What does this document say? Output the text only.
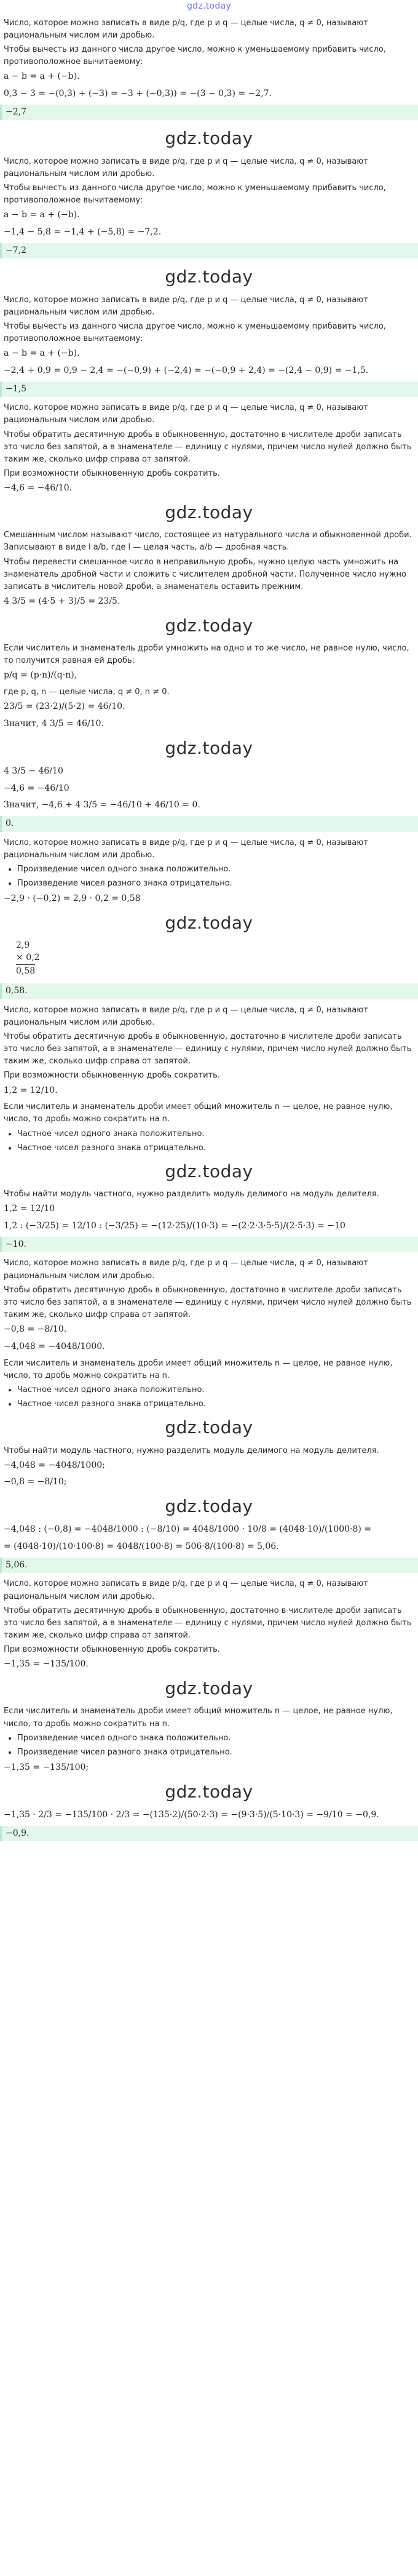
gdz.today
Число, которое можно записать в виде p/q, где p и q — целые числа, q ≠ 0, называют рациональным числом или дробью.
Чтобы вычесть из данного числа другое число, можно к уменьшаемому прибавить число, противоположное вычитаемому:
a − b = a + (−b).
0,3 − 3 = −(0,3) + (−3) = −3 + (−0,3)) = −(3 − 0,3) = −2,7.
−2,7
gdz.today
Число, которое можно записать в виде p/q, где p и q — целые числа, q ≠ 0, называют рациональным числом или дробью.
Чтобы вычесть из данного числа другое число, можно к уменьшаемому прибавить число, противоположное вычитаемому:
a − b = a + (−b).
−1,4 − 5,8 = −1,4 + (−5,8) = −7,2.
−7,2
gdz.today
Число, которое можно записать в виде p/q, где p и q — целые числа, q ≠ 0, называют рациональным числом или дробью.
Чтобы вычесть из данного числа другое число, можно к уменьшаемому прибавить число, противоположное вычитаемому:
a − b = a + (−b).
−2,4 + 0,9 = 0,9 − 2,4 = −(−0,9) + (−2,4) = −(−0,9 + 2,4) = −(2,4 − 0,9) = −1,5.
−1,5
Число, которое можно записать в виде p/q, где p и q — целые числа, q ≠ 0, называют рациональным числом или дробью.
Чтобы обратить десятичную дробь в обыкновенную, достаточно в числителе дроби записать это число без запятой, а в знаменателе — единицу с нулями, причем число нулей должно быть таким же, сколько цифр справа от запятой.
При возможности обыкновенную дробь сократить.
−4,6 = −46/10.
gdz.today
Смешанным числом называют число, состоящее из натурального числа и обыкновенной дроби. Записывают в виде l a/b, где l — целая часть, a/b — дробная часть.
Чтобы перевести смешанное число в неправильную дробь, нужно целую часть умножить на знаменатель дробной части и сложить с числителем дробной части. Полученное число нужно записать в числитель новой дроби, а знаменатель оставить прежним.
4 3/5 = (4·5 + 3)/5 = 23/5.
gdz.today
Если числитель и знаменатель дроби умножить на одно и то же число, не равное нулю, число, то получится равная ей дробь:
p/q = (p·n)/(q·n),
где p, q, n — целые числа, q ≠ 0, n ≠ 0.
23/5 = (23·2)/(5·2) = 46/10.
Значит, 4 3/5 = 46/10.
gdz.today
4 3/5 − 46/10
−4,6 = −46/10
Значит, −4,6 + 4 3/5 = −46/10 + 46/10 = 0.
0.
Число, которое можно записать в виде p/q, где p и q — целые числа, q ≠ 0, называют рациональным числом или дробью.
• Произведение чисел одного знака положительно.
• Произведение чисел разного знака отрицательно.
−2,9 · (−0,2) = 2,9 · 0,2 = 0,58
gdz.today
2,9
× 0,2
0,58
0,58.
Число, которое можно записать в виде p/q, где p и q — целые числа, q ≠ 0, называют рациональным числом или дробью.
Чтобы обратить десятичную дробь в обыкновенную, достаточно в числителе дроби записать это число без запятой, а в знаменателе — единицу с нулями, причем число нулей должно быть таким же, сколько цифр справа от запятой.
При возможности обыкновенную дробь сократить.
1,2 = 12/10.
Если числитель и знаменатель дроби имеет общий множитель n — целое, не равное нулю, число, то дробь можно сократить на n.
• Частное чисел одного знака положительно.
• Частное чисел разного знака отрицательно.
gdz.today
Чтобы найти модуль частного, нужно разделить модуль делимого на модуль делителя.
1,2 = 12/10
1,2 : (−3/25) = 12/10 : (−3/25) = −(12·25)/(10·3) = −(2·2·3·5·5)/(2·5·3) = −10
−10.
Число, которое можно записать в виде p/q, где p и q — целые числа, q ≠ 0, называют рациональным числом или дробью.
Чтобы обратить десятичную дробь в обыкновенную, достаточно в числителе дроби записать это число без запятой, а в знаменателе — единицу с нулями, причем число нулей должно быть таким же, сколько цифр справа от запятой.
−0,8 = −8/10.
−4,048 = −4048/1000.
Если числитель и знаменатель дроби имеет общий множитель n — целое, не равное нулю, число, то дробь можно сократить на n.
• Частное чисел одного знака положительно.
• Частное чисел разного знака отрицательно.
gdz.today
Чтобы найти модуль частного, нужно разделить модуль делимого на модуль делителя.
−4,048 = −4048/1000;
−0,8 = −8/10;
gdz.today
−4,048 : (−0,8) = −4048/1000 : (−8/10) = 4048/1000 · 10/8 = (4048·10)/(1000·8) =
= (4048·10)/(10·100·8) = 4048/(100·8) = 506·8/(100·8) = 5,06.
5,06.
Число, которое можно записать в виде p/q, где p и q — целые числа, q ≠ 0, называют рациональным числом или дробью.
Чтобы обратить десятичную дробь в обыкновенную, достаточно в числителе дроби записать это число без запятой, а в знаменателе — единицу с нулями, причем число нулей должно быть таким же, сколько цифр справа от запятой.
При возможности обыкновенную дробь сократить.
−1,35 = −135/100.
gdz.today
Если числитель и знаменатель дроби имеет общий множитель n — целое, не равное нулю, число, то дробь можно сократить на n.
• Произведение чисел одного знака положительно.
• Произведение чисел разного знака отрицательно.
−1,35 = −135/100;
gdz.today
−1,35 · 2/3 = −135/100 · 2/3 = −(135·2)/(50·2·3) = −(9·3·5)/(5·10·3) = −9/10 = −0,9.
−0,9.
